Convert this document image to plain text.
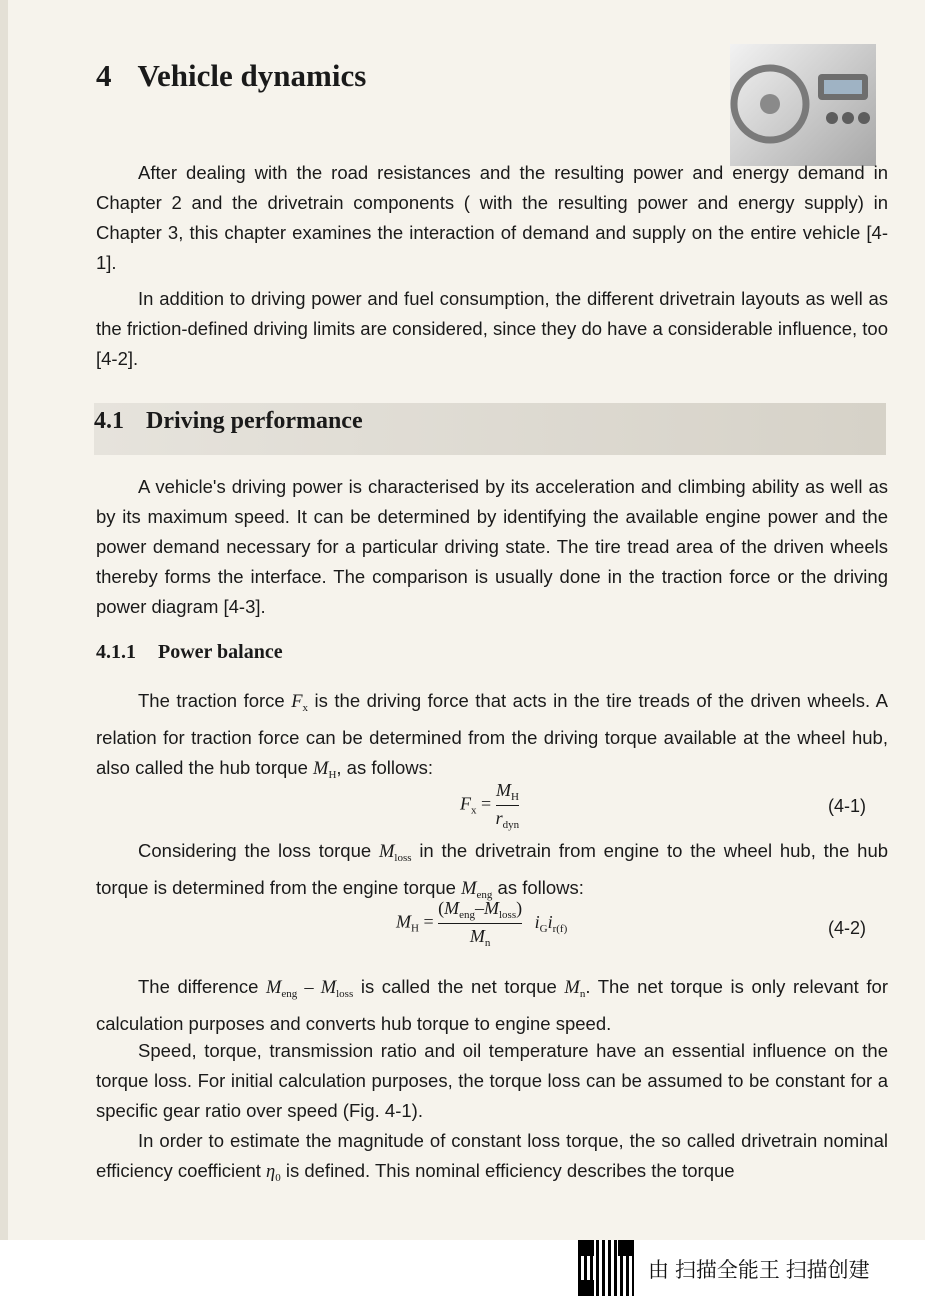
4 Vehicle dynamics

After dealing with the road resistances and the resulting power and energy demand in Chapter 2 and the drivetrain components ( with the resulting power and energy supply) in Chapter 3, this chapter examines the interaction of demand and supply on the entire vehicle [4-1].

In addition to driving power and fuel consumption, the different drivetrain layouts as well as the friction-defined driving limits are considered, since they do have a considerable influence, too [4-2].

4.1 Driving performance

A vehicle's driving power is characterised by its acceleration and climbing ability as well as by its maximum speed. It can be determined by identifying the available engine power and the power demand necessary for a particular driving state. The tire tread area of the driven wheels thereby forms the interface. The comparison is usually done in the traction force or the driving power diagram [4-3].

4.1.1 Power balance

The traction force $F_x$ is the driving force that acts in the tire treads of the driven wheels. A relation for traction force can be determined from the driving torque available at the wheel hub, also called the hub torque $M_H$, as follows:

$F_x = \frac{M_H}{r_{dyn}}$	(4-1)

Considering the loss torque $M_{loss}$ in the drivetrain from engine to the wheel hub, the hub torque is determined from the engine torque $M_{eng}$ as follows:

$M_H = \frac{(M_{eng}-M_{loss})}{M_n} i_Gi_{r(f)}$	(4-2)

The difference $M_{eng} - M_{loss}$ is called the net torque $M_n$. The net torque is only relevant for calculation purposes and converts hub torque to engine speed.

Speed, torque, transmission ratio and oil temperature have an essential influence on the torque loss. For initial calculation purposes, the torque loss can be assumed to be constant for a specific gear ratio over speed (Fig. 4-1).

In order to estimate the magnitude of constant loss torque, the so called drivetrain nominal efficiency coefficient $\eta_0$ is defined. This nominal efficiency describes the torque

由 扫描全能王 扫描创建
